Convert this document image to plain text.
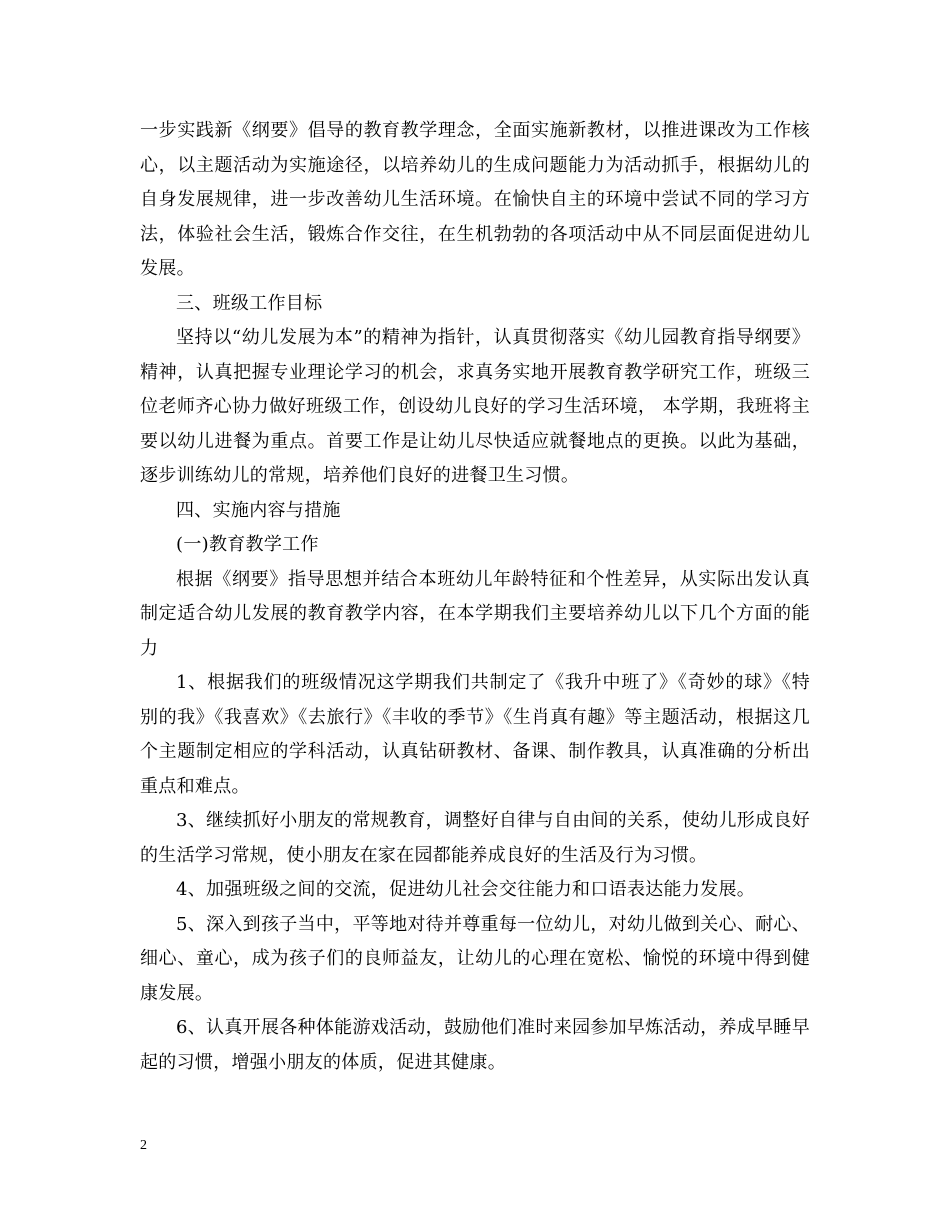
一步实践新《纲要》倡导的教育教学理念，全面实施新教材，以推进课改为工作核心，以主题活动为实施途径，以培养幼儿的生成问题能力为活动抓手，根据幼儿的自身发展规律，进一步改善幼儿生活环境。在愉快自主的环境中尝试不同的学习方法，体验社会生活，锻炼合作交往，在生机勃勃的各项活动中从不同层面促进幼儿发展。

三、班级工作目标

坚持以“幼儿发展为本”的精神为指针，认真贯彻落实《幼儿园教育指导纲要》精神，认真把握专业理论学习的机会，求真务实地开展教育教学研究工作，班级三位老师齐心协力做好班级工作，创设幼儿良好的学习生活环境， 本学期，我班将主要以幼儿进餐为重点。首要工作是让幼儿尽快适应就餐地点的更换。以此为基础，逐步训练幼儿的常规，培养他们良好的进餐卫生习惯。

四、实施内容与措施

(一)教育教学工作

根据《纲要》指导思想并结合本班幼儿年龄特征和个性差异，从实际出发认真制定适合幼儿发展的教育教学内容，在本学期我们主要培养幼儿以下几个方面的能力

1、根据我们的班级情况这学期我们共制定了《我升中班了》《奇妙的球》《特别的我》《我喜欢》《去旅行》《丰收的季节》《生肖真有趣》等主题活动，根据这几个主题制定相应的学科活动，认真钻研教材、备课、制作教具，认真准确的分析出重点和难点。

3、继续抓好小朋友的常规教育，调整好自律与自由间的关系，使幼儿形成良好的生活学习常规，使小朋友在家在园都能养成良好的生活及行为习惯。

4、加强班级之间的交流，促进幼儿社会交往能力和口语表达能力发展。

5、深入到孩子当中，平等地对待并尊重每一位幼儿，对幼儿做到关心、耐心、细心、童心，成为孩子们的良师益友，让幼儿的心理在宽松、愉悦的环境中得到健康发展。

6、认真开展各种体能游戏活动，鼓励他们准时来园参加早炼活动，养成早睡早起的习惯，增强小朋友的体质，促进其健康。

2
